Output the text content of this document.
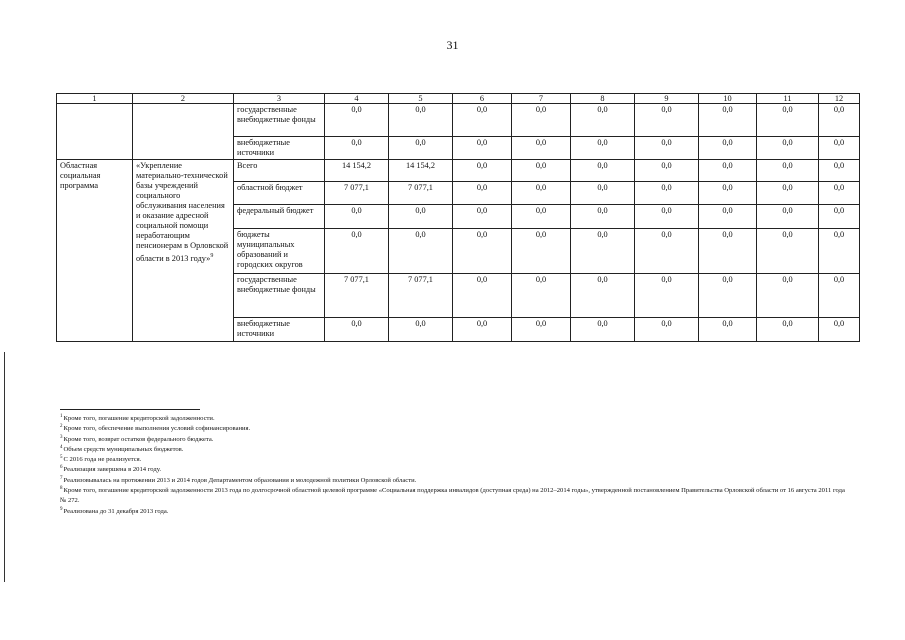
31
1	2	3	4	5	6	7	8	9	10	11	12
		государственные внебюджетные фонды	0,0	0,0	0,0	0,0	0,0	0,0	0,0	0,0	0,0
		внебюджетные источники	0,0	0,0	0,0	0,0	0,0	0,0	0,0	0,0	0,0
Областная социальная программа	«Укрепление материально-технической базы учреждений социального обслуживания населения и оказание адресной социальной помощи неработающим пенсионерам в Орловской области в 2013 году»$^9$	Всего	14 154,2	14 154,2	0,0	0,0	0,0	0,0	0,0	0,0	0,0
		областной бюджет	7 077,1	7 077,1	0,0	0,0	0,0	0,0	0,0	0,0	0,0
		федеральный бюджет	0,0	0,0	0,0	0,0	0,0	0,0	0,0	0,0	0,0
		бюджеты муниципальных образований и городских округов	0,0	0,0	0,0	0,0	0,0	0,0	0,0	0,0	0,0
		государственные внебюджетные фонды	7 077,1	7 077,1	0,0	0,0	0,0	0,0	0,0	0,0	0,0
		внебюджетные источники	0,0	0,0	0,0	0,0	0,0	0,0	0,0	0,0	0,0
$^1$Кроме того, погашение кредиторской задолженности.
$^2$Кроме того, обеспечение выполнения условий софинансирования.
$^3$Кроме того, возврат остатков федерального бюджета.
$^4$Объем средств муниципальных бюджетов.
$^5$С 2016 года не реализуется.
$^6$Реализация завершена в 2014 году.
$^7$Реализовывалась на протяжении 2013 и 2014 годов Департаментом образования и молодежной политики Орловской области.
$^8$Кроме того, погашение кредиторской задолженности 2013 года по долгосрочной областной целевой программе «Социальная поддержка инвалидов (доступная среда) на 2012–2014 годы», утвержденной постановлением Правительства Орловской области от 16 августа 2011 года № 272.
$^9$Реализована до 31 декабря 2013 года.
